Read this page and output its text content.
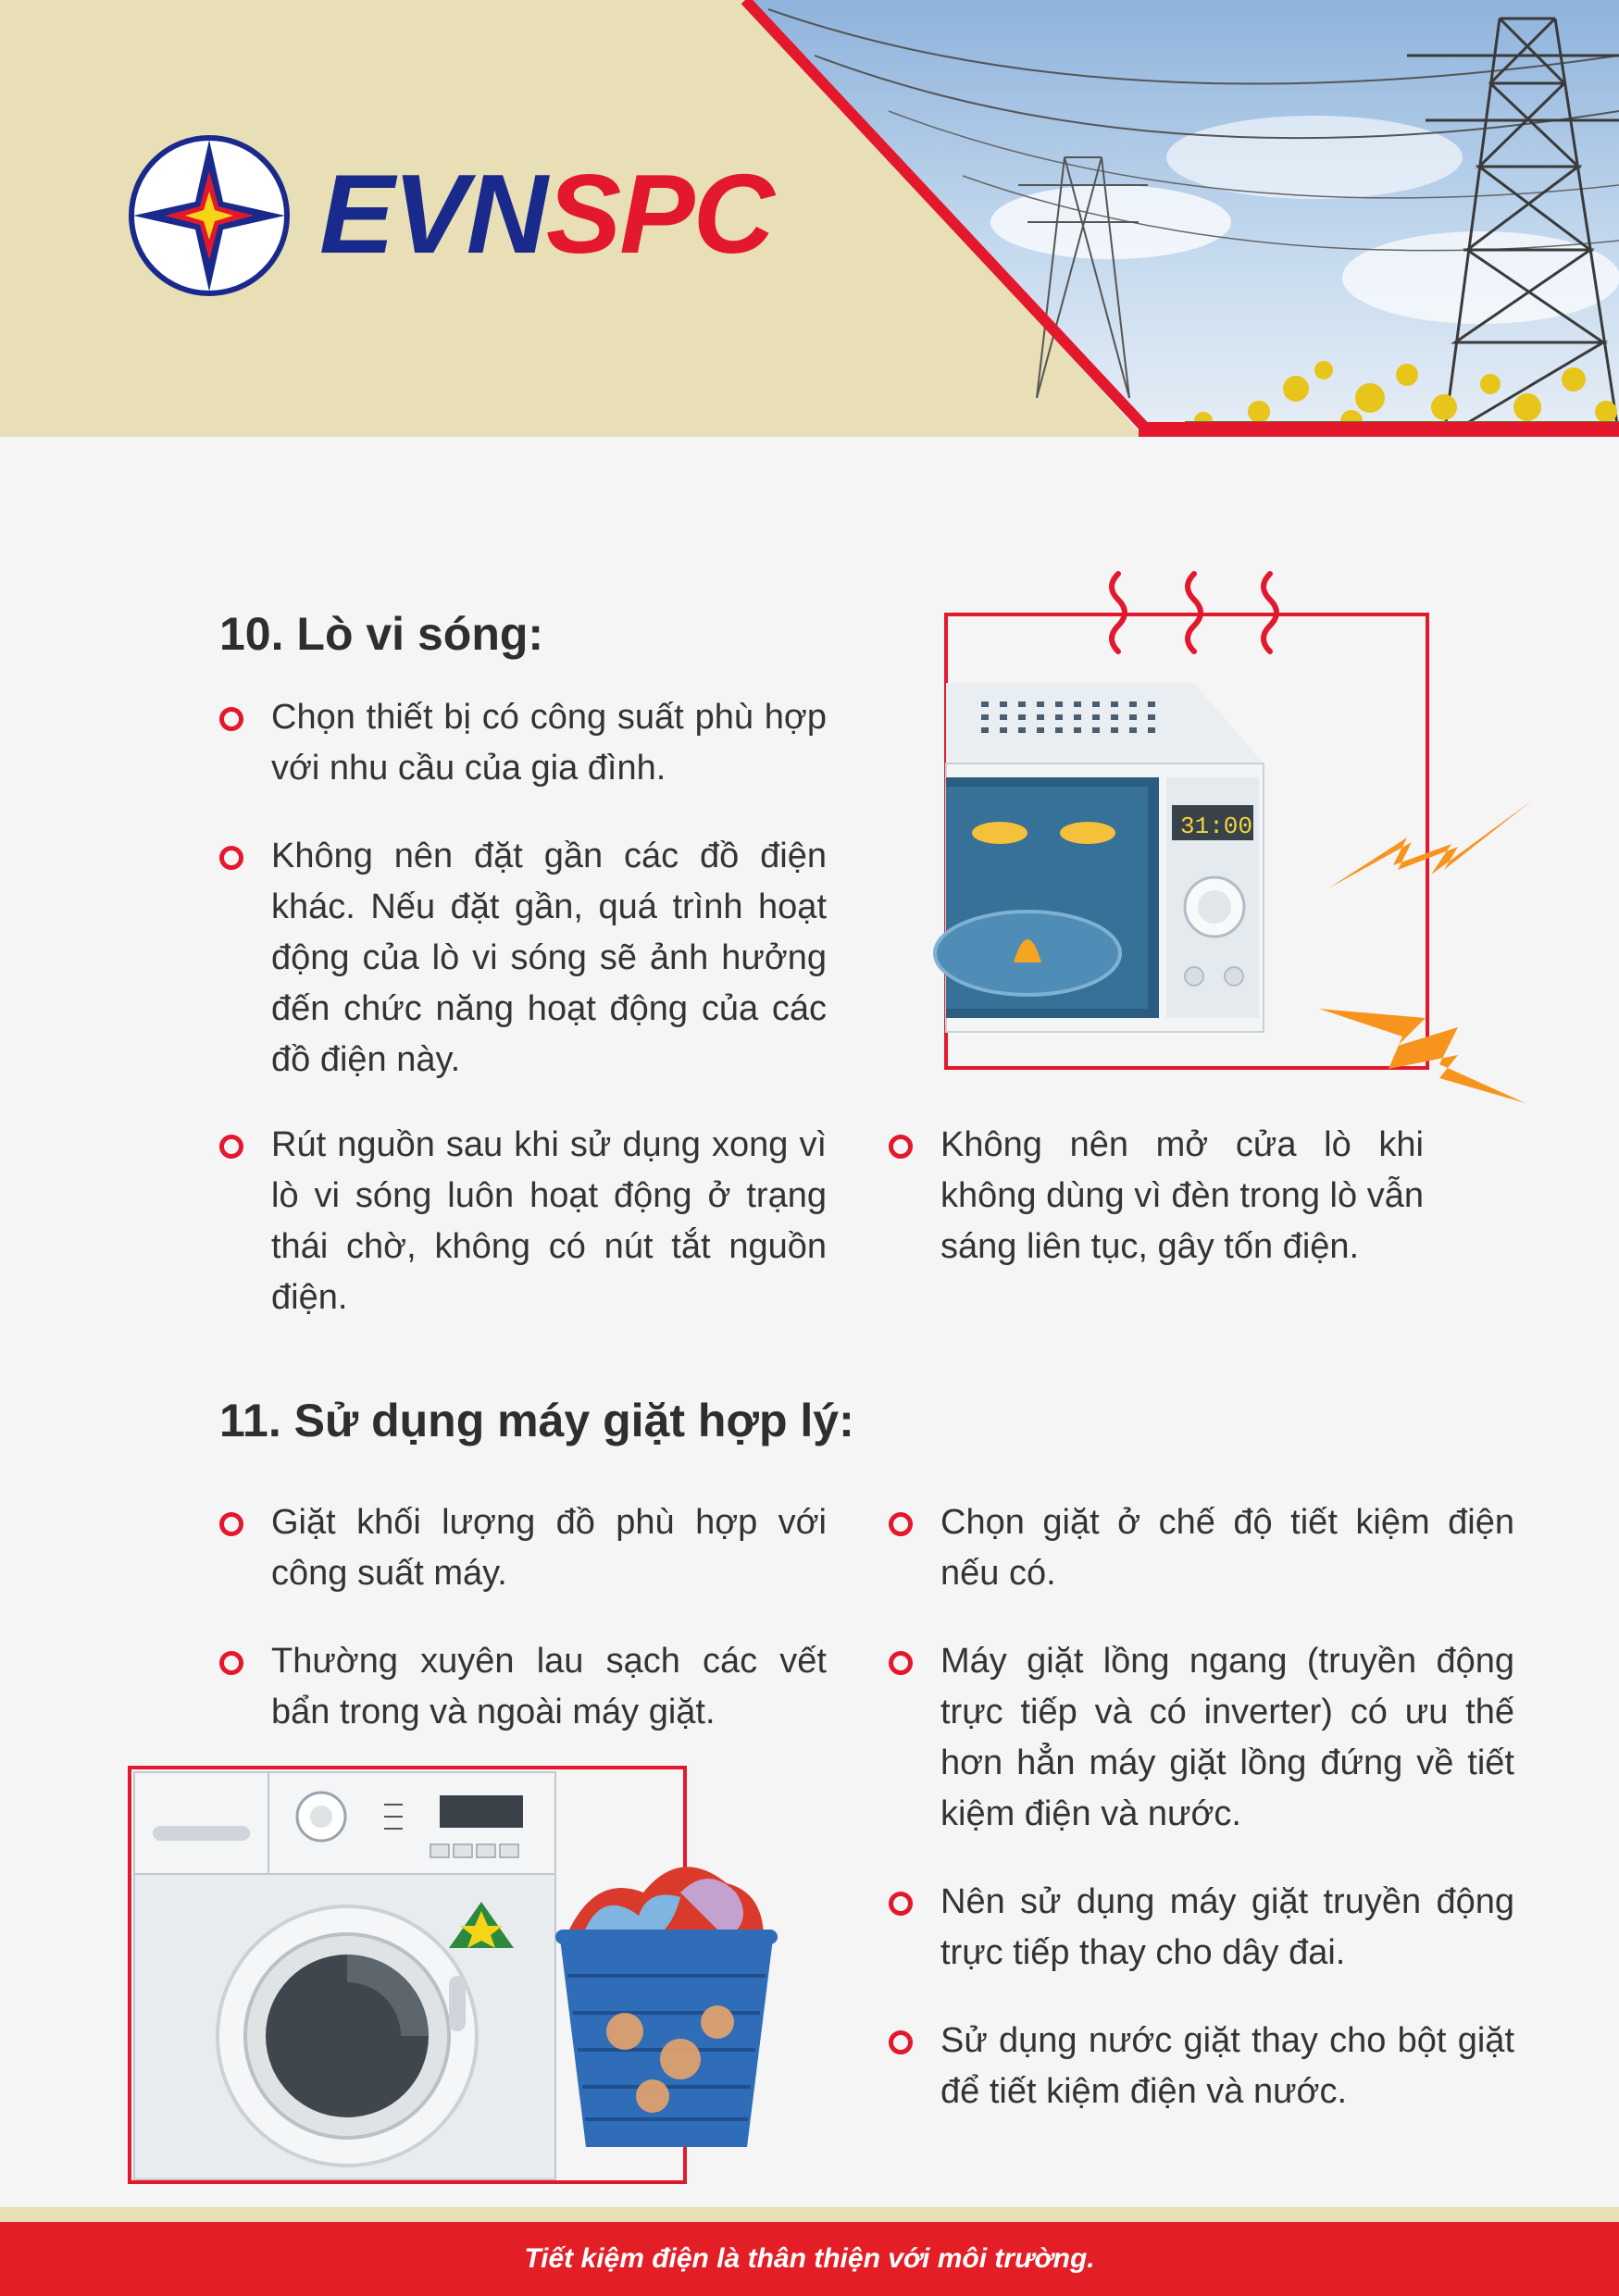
EVNSPC
10. Lò vi sóng:
Chọn thiết bị có công suất phù hợp với nhu cầu của gia đình.
Không nên đặt gần các đồ điện khác. Nếu đặt gần, quá trình hoạt động của lò vi sóng sẽ ảnh hưởng đến chức năng hoạt động của các đồ điện này.
Rút nguồn sau khi sử dụng xong vì lò vi sóng luôn hoạt động ở trạng thái chờ, không có nút tắt nguồn điện.
Không nên mở cửa lò khi không dùng vì đèn trong lò vẫn sáng liên tục, gây tốn điện.
31:00
11. Sử dụng máy giặt hợp lý:
Giặt khối lượng đồ phù hợp với công suất máy.
Thường xuyên lau sạch các vết bẩn trong và ngoài máy giặt.
Chọn giặt ở chế độ tiết kiệm điện nếu có.
Máy giặt lồng ngang (truyền động trực tiếp và có inverter) có ưu thế hơn hẳn máy giặt lồng đứng về tiết kiệm điện và nước.
Nên sử dụng máy giặt truyền động trực tiếp thay cho dây đai.
Sử dụng nước giặt thay cho bột giặt để tiết kiệm điện và nước.
Tiết kiệm điện là thân thiện với môi trường.
